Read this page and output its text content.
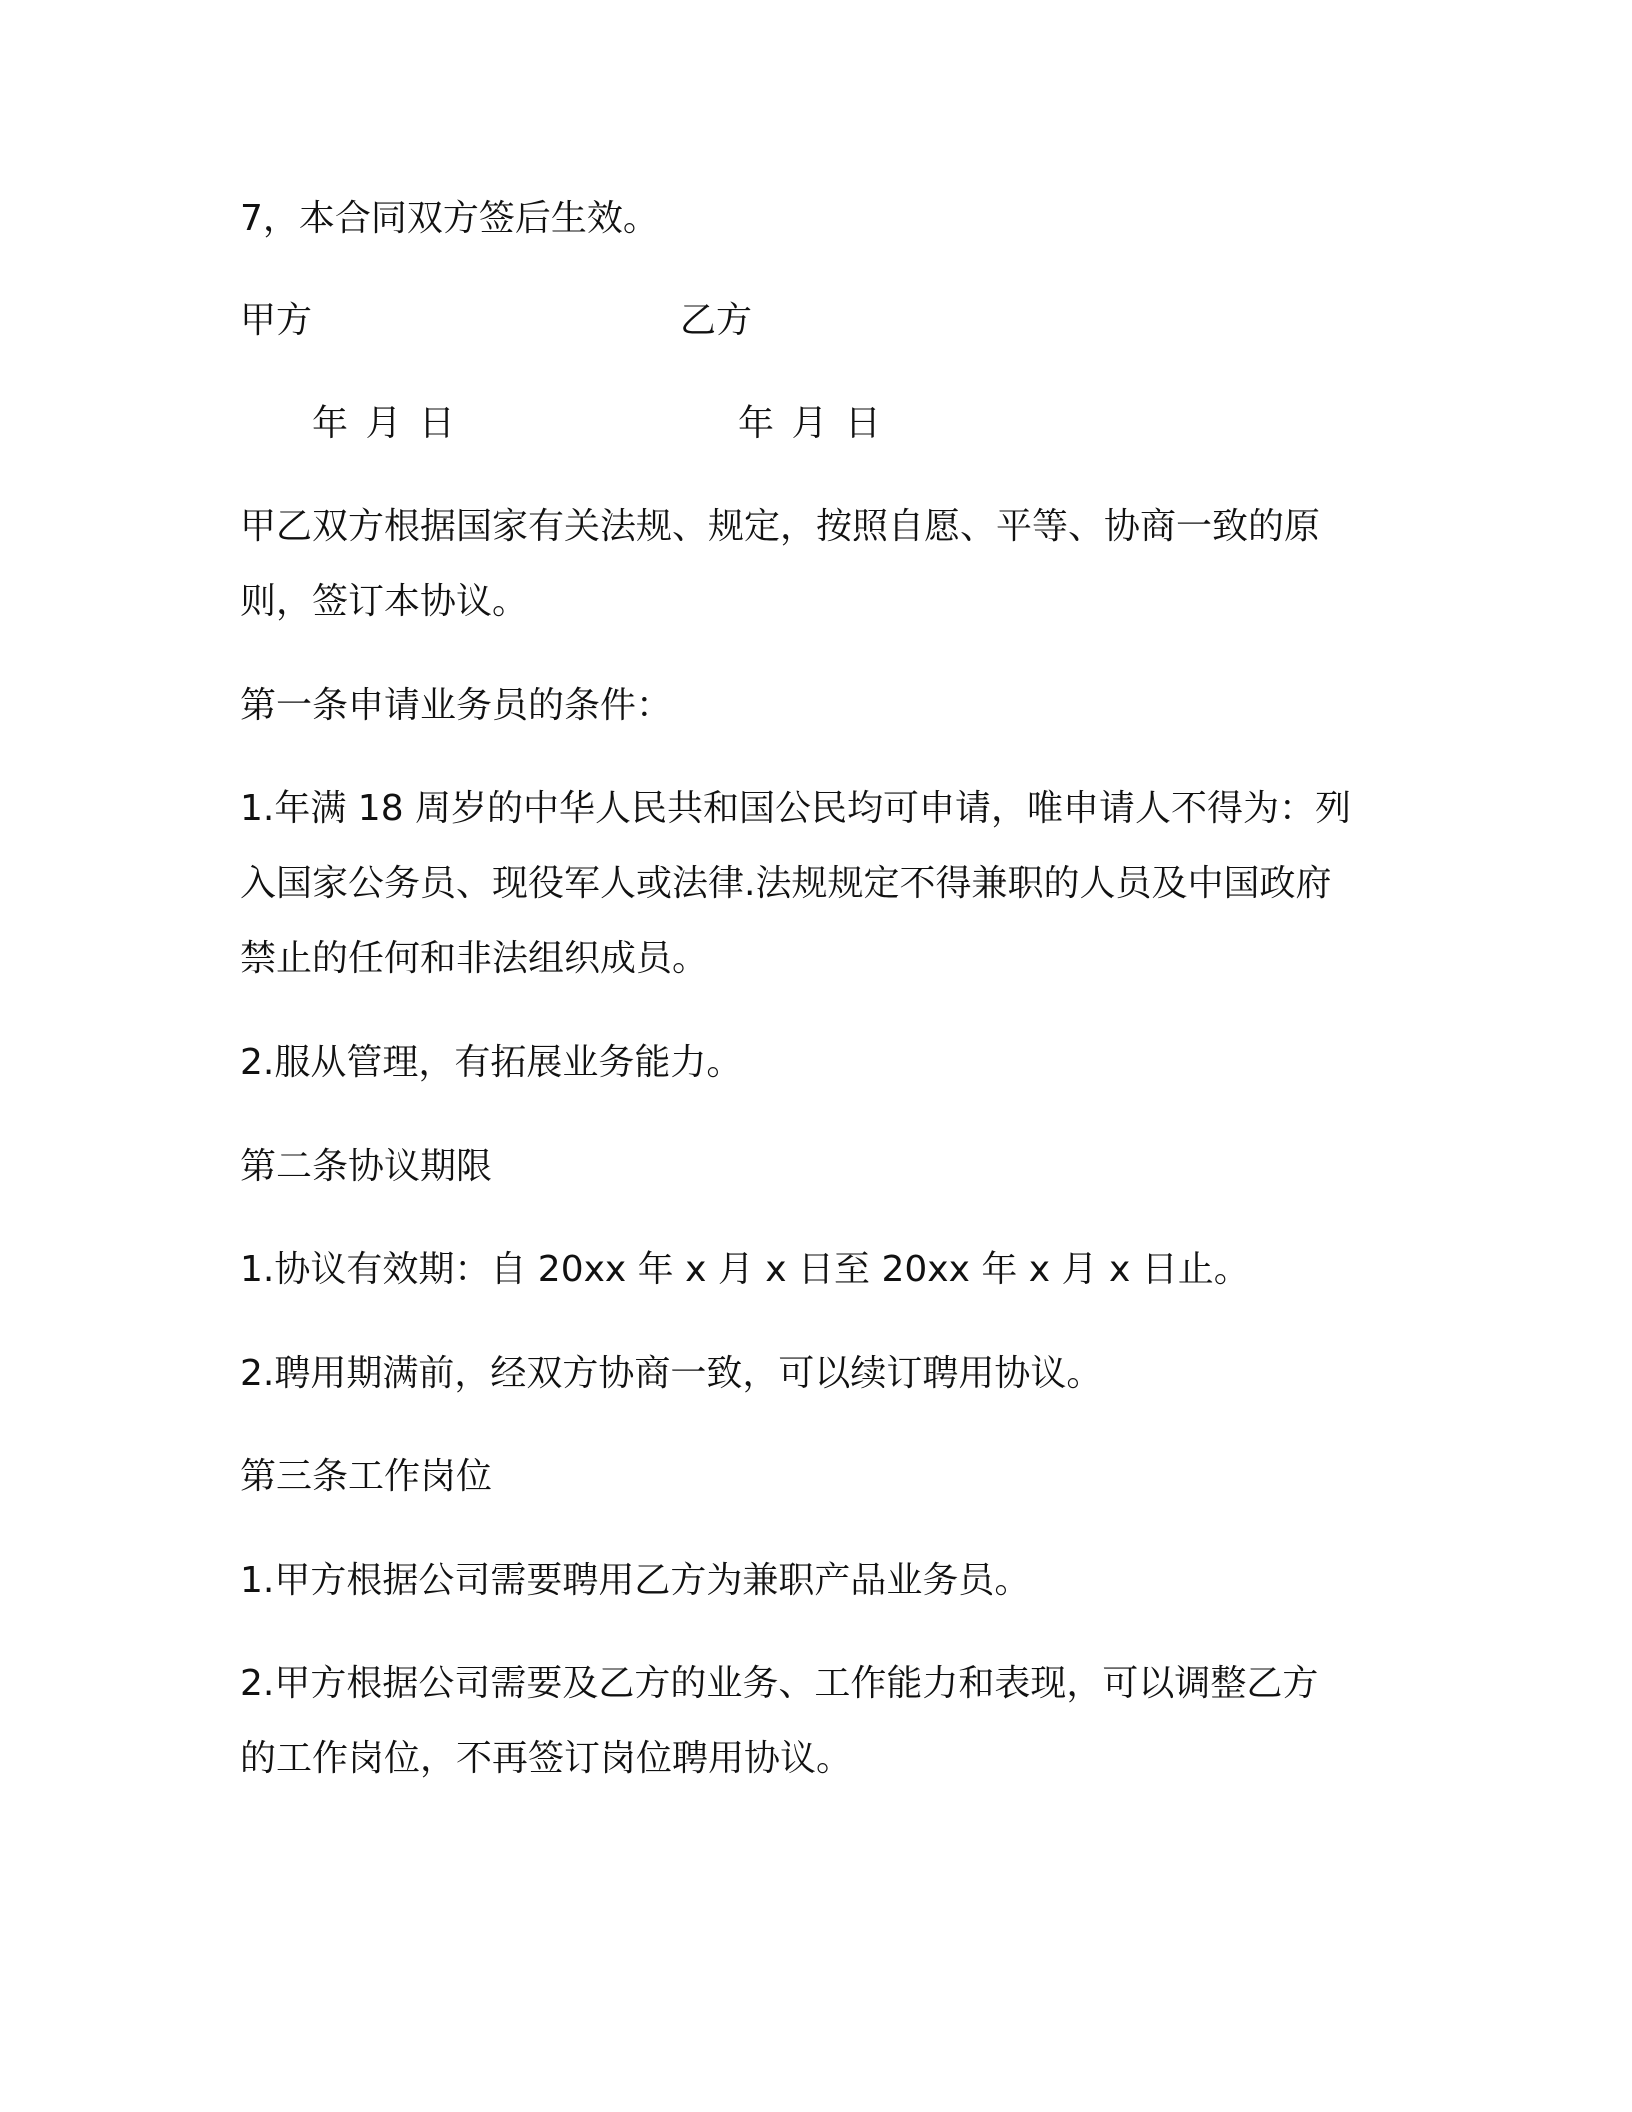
7，本合同双方签后生效。
甲方	乙方
年 月 日	年 月 日
甲乙双方根据国家有关法规、规定，按照自愿、平等、协商一致的原
则，签订本协议。
第一条申请业务员的条件：
1.年满 18 周岁的中华人民共和国公民均可申请，唯申请人不得为：列
入国家公务员、现役军人或法律.法规规定不得兼职的人员及中国政府
禁止的任何和非法组织成员。
2.服从管理，有拓展业务能力。
第二条协议期限
1.协议有效期：自 20xx 年 x 月 x 日至 20xx 年 x 月 x 日止。
2.聘用期满前，经双方协商一致，可以续订聘用协议。
第三条工作岗位
1.甲方根据公司需要聘用乙方为兼职产品业务员。
2.甲方根据公司需要及乙方的业务、工作能力和表现，可以调整乙方
的工作岗位，不再签订岗位聘用协议。
